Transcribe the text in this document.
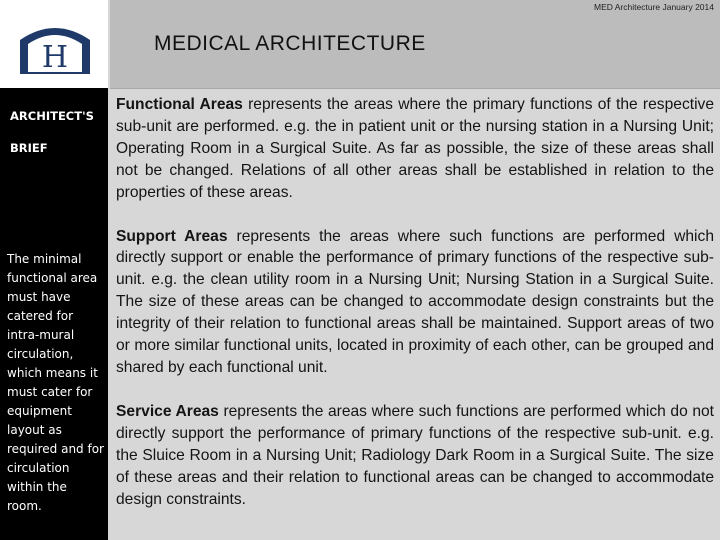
H
ARCHITECT'S
BRIEF
The minimal functional area must have catered for intra-mural circulation, which means it must cater for equipment layout as required and for circulation within the room.
MED Architecture January 2014
MEDICAL ARCHITECTURE

Functional Areas represents the areas where the primary functions of the respective sub-unit are performed. e.g. the in patient unit or the nursing station in a Nursing Unit; Operating Room in a Surgical Suite. As far as possible, the size of these areas shall not be changed. Relations of all other areas shall be established in relation to the properties of these areas.

Support Areas represents the areas where such functions are performed which directly support or enable the performance of primary functions of the respective sub-unit. e.g. the clean utility room in a Nursing Unit; Nursing Station in a Surgical Suite. The size of these areas can be changed to accommodate design constraints but the integrity of their relation to functional areas shall be maintained. Support areas of two or more similar functional units, located in proximity of each other, can be grouped and shared by each functional unit.

Service Areas represents the areas where such functions are performed which do not directly support the performance of primary functions of the respective sub-unit. e.g. the Sluice Room in a Nursing Unit; Radiology Dark Room in a Surgical Suite. The size of these areas and their relation to functional areas can be changed to accommodate design constraints.
